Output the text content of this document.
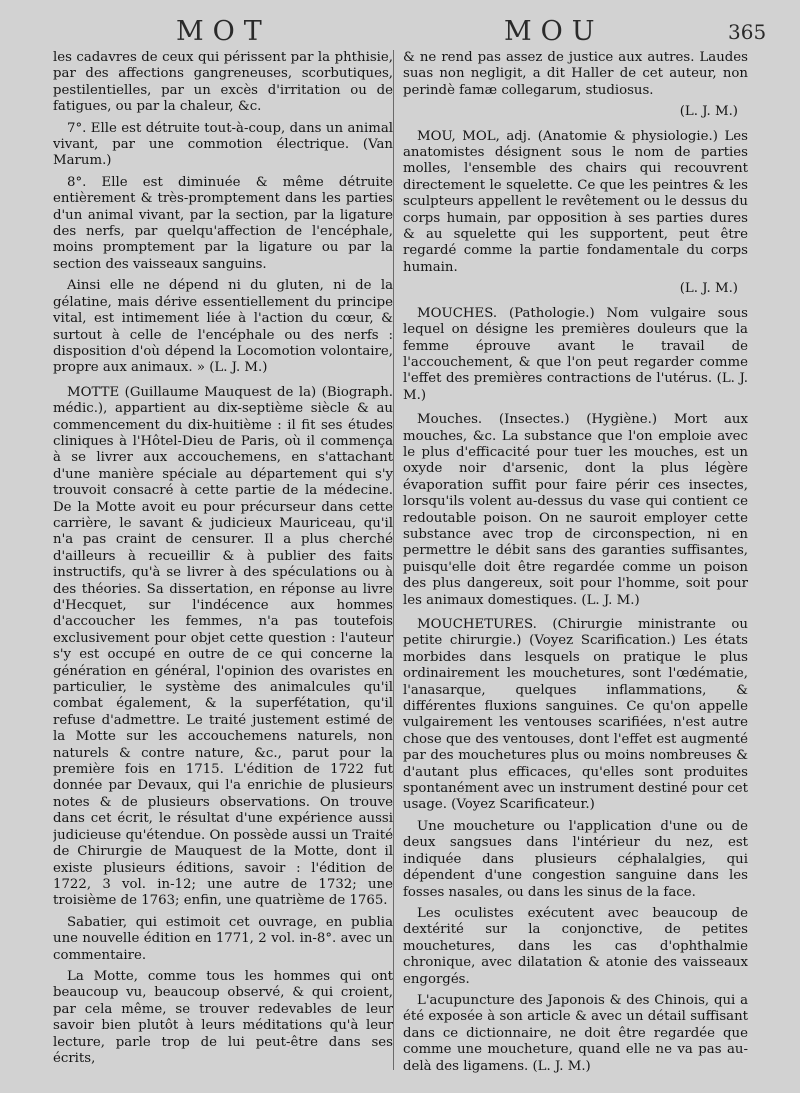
MOT	MOU	365

les cadavres de ceux qui périssent par la phthisie, par des affections gangreneuses, scorbutiques, pestilentielles, par un excès d'irritation ou de fatigues, ou par la chaleur, &c.

7°. Elle est détruite tout-à-coup, dans un animal vivant, par une commotion électrique. (Van Marum.)

8°. Elle est diminuée & même détruite entièrement & très-promptement dans les parties d'un animal vivant, par la section, par la ligature des nerfs, par quelqu'affection de l'encéphale, moins promptement par la ligature ou par la section des vaisseaux sanguins.

Ainsi elle ne dépend ni du gluten, ni de la gélatine, mais dérive essentiellement du principe vital, est intimement liée à l'action du cœur, & surtout à celle de l'encéphale ou des nerfs : disposition d'où dépend la Locomotion volontaire, propre aux animaux. » (L. J. M.)

MOTTE (Guillaume Mauquest de la) (Biograph. médic.), appartient au dix-septième siècle & au commencement du dix-huitième : il fit ses études cliniques à l'Hôtel-Dieu de Paris, où il commença à se livrer aux accouchemens, en s'attachant d'une manière spéciale au département qui s'y trouvoit consacré à cette partie de la médecine. De la Motte avoit eu pour précurseur dans cette carrière, le savant & judicieux Mauriceau, qu'il n'a pas craint de censurer. Il a plus cherché d'ailleurs à recueillir & à publier des faits instructifs, qu'à se livrer à des spéculations ou à des théories. Sa dissertation, en réponse au livre d'Hecquet, sur l'indécence aux hommes d'accoucher les femmes, n'a pas toutefois exclusivement pour objet cette question : l'auteur s'y est occupé en outre de ce qui concerne la génération en général, l'opinion des ovaristes en particulier, le système des animalcules qu'il combat également, & la superfétation, qu'il refuse d'admettre. Le traité justement estimé de la Motte sur les accouchemens naturels, non naturels & contre nature, &c., parut pour la première fois en 1715. L'édition de 1722 fut donnée par Devaux, qui l'a enrichie de plusieurs notes & de plusieurs observations. On trouve dans cet écrit, le résultat d'une expérience aussi judicieuse qu'étendue. On possède aussi un Traité de Chirurgie de Mauquest de la Motte, dont il existe plusieurs éditions, savoir : l'édition de 1722, 3 vol. in-12; une autre de 1732; une troisième de 1763; enfin, une quatrième de 1765.

Sabatier, qui estimoit cet ouvrage, en publia une nouvelle édition en 1771, 2 vol. in-8°. avec un commentaire.

La Motte, comme tous les hommes qui ont beaucoup vu, beaucoup observé, & qui croient, par cela même, se trouver redevables de leur savoir bien plutôt à leurs méditations qu'à leur lecture, parle trop de lui peut-être dans ses écrits,

& ne rend pas assez de justice aux autres. Laudes suas non negligit, a dit Haller de cet auteur, non perindè famæ collegarum, studiosus.

(L. J. M.)

MOU, MOL, adj. (Anatomie & physiologie.) Les anatomistes désignent sous le nom de parties molles, l'ensemble des chairs qui recouvrent directement le squelette. Ce que les peintres & les sculpteurs appellent le revêtement ou le dessus du corps humain, par opposition à ses parties dures & au squelette qui les supportent, peut être regardé comme la partie fondamentale du corps humain.

(L. J. M.)

MOUCHES. (Pathologie.) Nom vulgaire sous lequel on désigne les premières douleurs que la femme éprouve avant le travail de l'accouchement, & que l'on peut regarder comme l'effet des premières contractions de l'utérus. (L. J. M.)

Mouches. (Insectes.) (Hygiène.) Mort aux mouches, &c. La substance que l'on emploie avec le plus d'efficacité pour tuer les mouches, est un oxyde noir d'arsenic, dont la plus légère évaporation suffit pour faire périr ces insectes, lorsqu'ils volent au-dessus du vase qui contient ce redoutable poison. On ne sauroit employer cette substance avec trop de circonspection, ni en permettre le débit sans des garanties suffisantes, puisqu'elle doit être regardée comme un poison des plus dangereux, soit pour l'homme, soit pour les animaux domestiques. (L. J. M.)

MOUCHETURES. (Chirurgie ministrante ou petite chirurgie.) (Voyez Scarification.) Les états morbides dans lesquels on pratique le plus ordinairement les mouchetures, sont l'œdématie, l'anasarque, quelques inflammations, & différentes fluxions sanguines. Ce qu'on appelle vulgairement les ventouses scarifiées, n'est autre chose que des ventouses, dont l'effet est augmenté par des mouchetures plus ou moins nombreuses & d'autant plus efficaces, qu'elles sont produites spontanément avec un instrument destiné pour cet usage. (Voyez Scarificateur.)

Une moucheture ou l'application d'une ou de deux sangsues dans l'intérieur du nez, est indiquée dans plusieurs céphalalgies, qui dépendent d'une congestion sanguine dans les fosses nasales, ou dans les sinus de la face.

Les oculistes exécutent avec beaucoup de dextérité sur la conjonctive, de petites mouchetures, dans les cas d'ophthalmie chronique, avec dilatation & atonie des vaisseaux engorgés.

L'acupuncture des Japonois & des Chinois, qui a été exposée à son article & avec un détail suffisant dans ce dictionnaire, ne doit être regardée que comme une moucheture, quand elle ne va pas au-delà des ligamens. (L. J. M.)
